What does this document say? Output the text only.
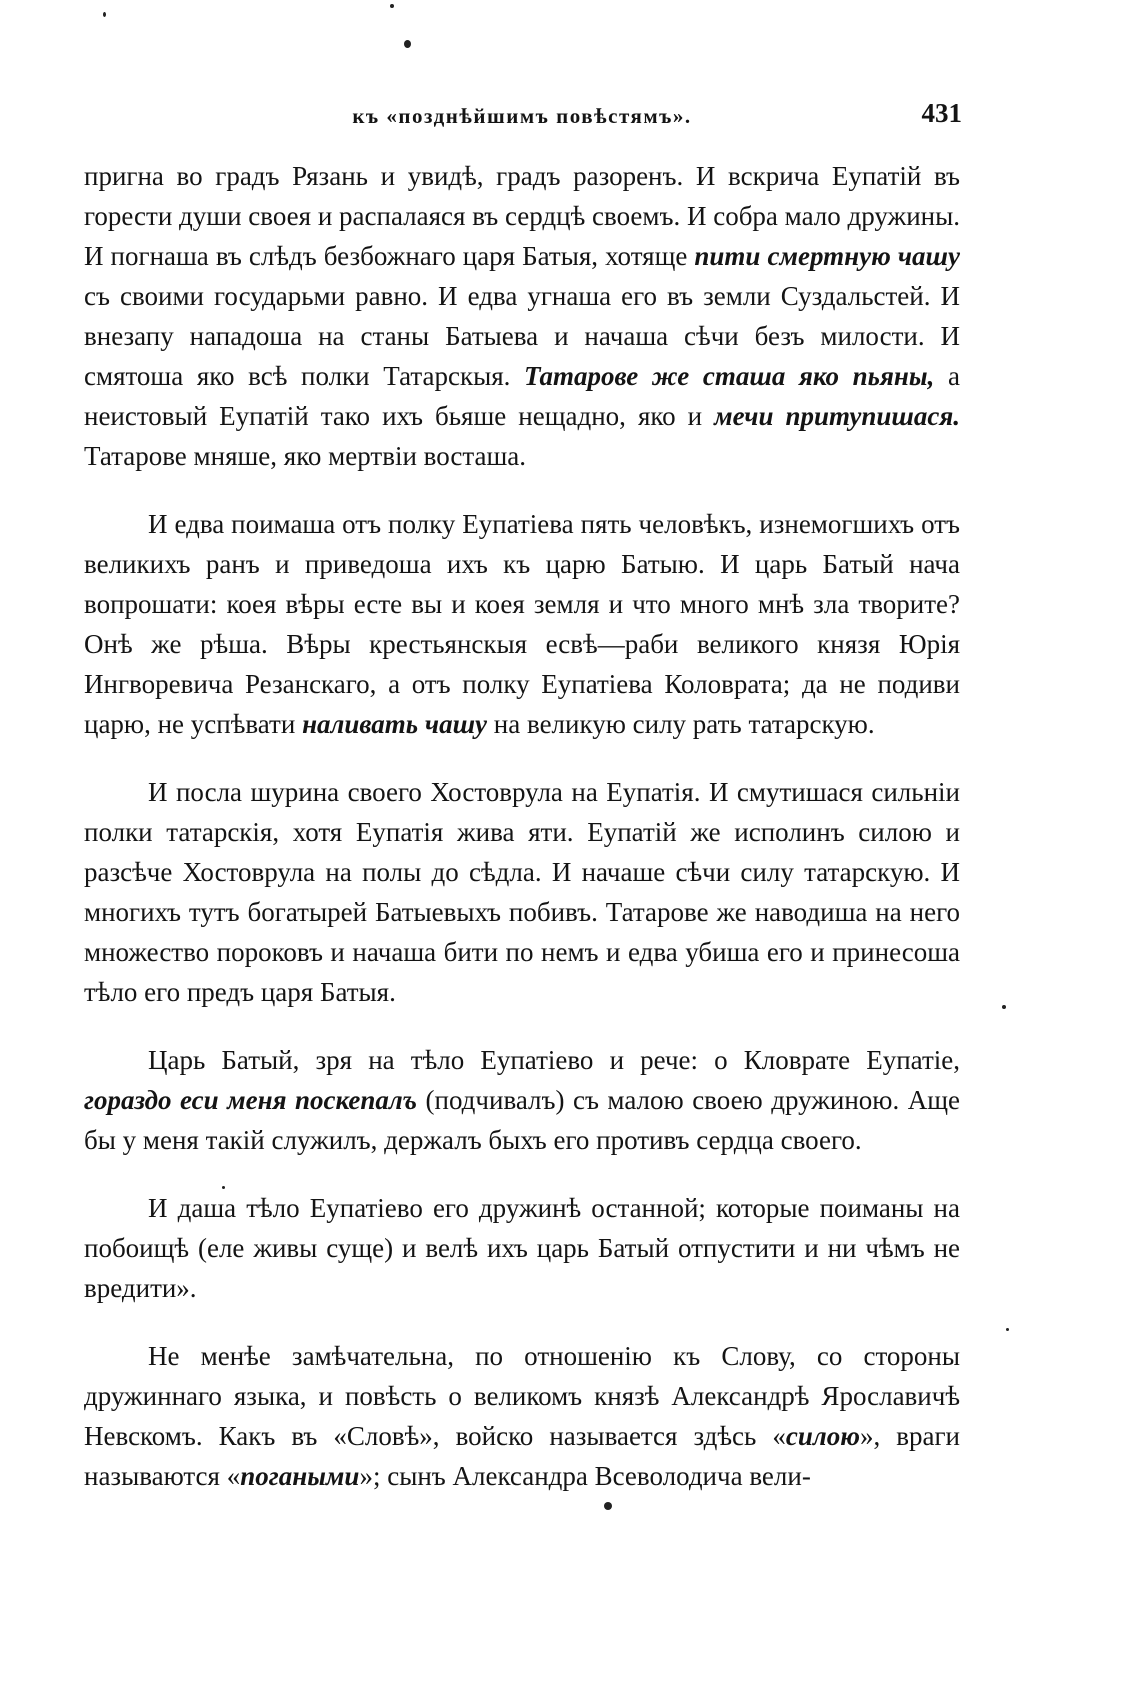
къ «позднѣйшимъ повѣстямъ».	431

пригна во градъ Рязань и увидѣ, градъ разоренъ. И вскрича Еупатій въ горести души своея и распалаяся въ сердцѣ своемъ. И собра мало дружины. И погнаша въ слѣдъ безбожнаго царя Батыя, хотяще пити смертную чашу съ своими государьми равно. И едва угнаша его въ земли Суздальстей. И внезапу нападоша на станы Батыева и начаша сѣчи безъ милости. И смятоша яко всѣ полки Татарскыя. Татарове же сташа яко пьяны, а неистовый Еупатій тако ихъ бьяше нещадно, яко и мечи притупишася. Татарове мняше, яко мертвіи восташа.

И едва поимаша отъ полку Еупатіева пять человѣкъ, изнемогшихъ отъ великихъ ранъ и приведоша ихъ къ царю Батыю. И царь Батый нача вопрошати: коея вѣры есте вы и коея земля и что много мнѣ зла творите? Онѣ же рѣша. Вѣры крестьянскыя есвѣ—раби великого князя Юрія Ингворевича Резанскаго, а отъ полку Еупатіева Коловрата; да не подиви царю, не успѣвати наливать чашу на великую силу рать татарскую.

И посла шурина своего Хостоврула на Еупатія. И смутишася сильніи полки татарскія, хотя Еупатія жива яти. Еупатій же исполинъ силою и разсѣче Хостоврула на полы до сѣдла. И начаше сѣчи силу татарскую. И многихъ тутъ богатырей Батыевыхъ побивъ. Татарове же наводиша на него множество пороковъ и начаша бити по немъ и едва убиша его и принесоша тѣло его предъ царя Батыя.

Царь Батый, зря на тѣло Еупатіево и рече: о Кловрате Еупатіе, гораздо еси меня поскепалъ (подчивалъ) съ малою своею дружиною. Аще бы у меня такій служилъ, держалъ быхъ его противъ сердца своего.

И даша тѣло Еупатіево его дружинѣ останной; которые поиманы на побоищѣ (еле живы суще) и велѣ ихъ царь Батый отпустити и ни чѣмъ не вредити».

Не менѣе замѣчательна, по отношенію къ Слову, со стороны дружиннаго языка, и повѣсть о великомъ князѣ Александрѣ Ярославичѣ Невскомъ. Какъ въ «Словѣ», войско называется здѣсь «силою», враги называются «погаными»; сынъ Александра Всеволодича вели-
